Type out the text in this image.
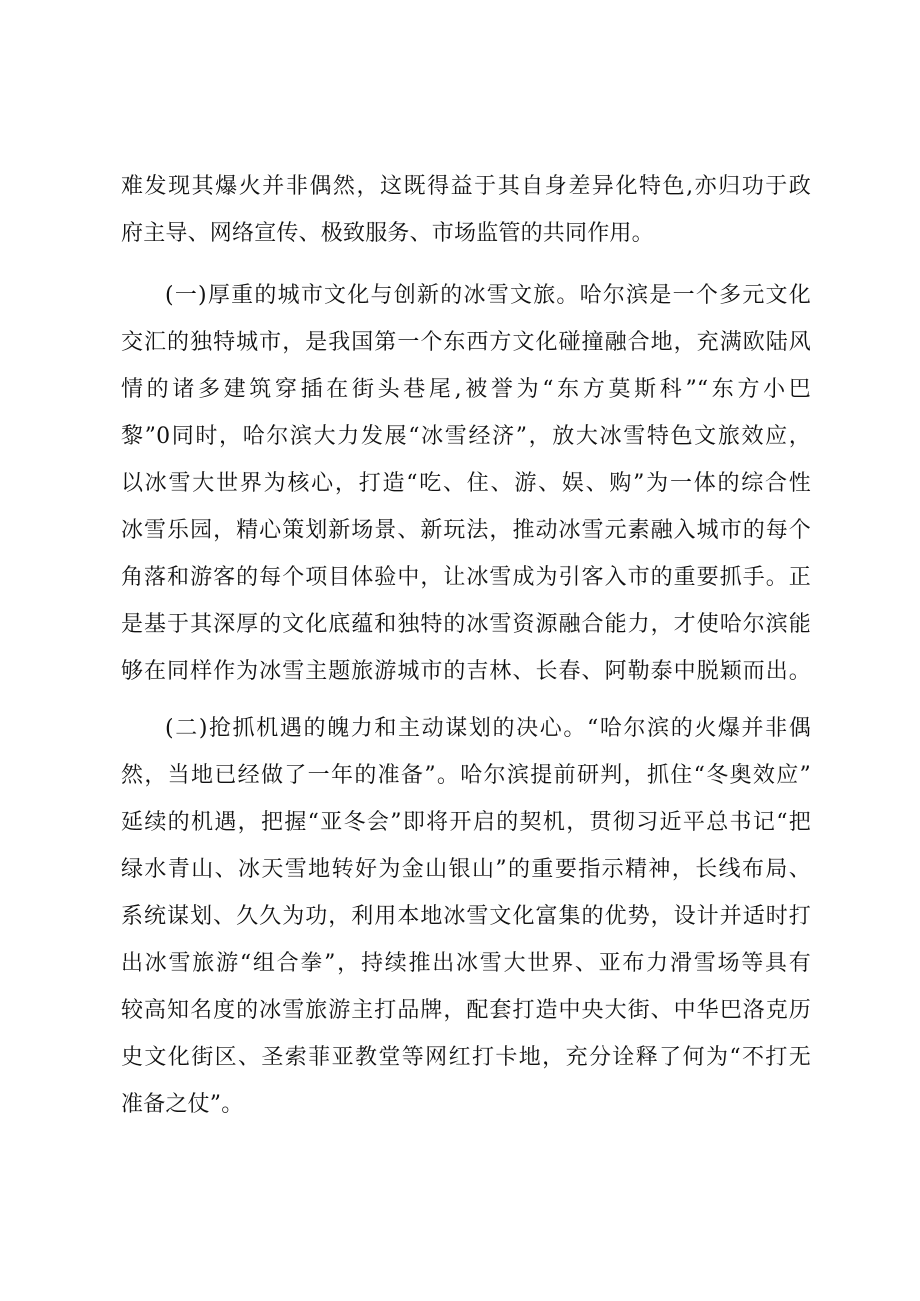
难发现其爆火并非偶然，这既得益于其自身差异化特色,亦归功于政
府主导、网络宣传、极致服务、市场监管的共同作用。
(一)厚重的城市文化与创新的冰雪文旅。哈尔滨是一个多元文化
交汇的独特城市，是我国第一个东西方文化碰撞融合地，充满欧陆风
情的诸多建筑穿插在街头巷尾,被誉为“东方莫斯科”“东方小巴
黎”0同时，哈尔滨大力发展“冰雪经济”，放大冰雪特色文旅效应，
以冰雪大世界为核心，打造“吃、住、游、娱、购”为一体的综合性
冰雪乐园，精心策划新场景、新玩法，推动冰雪元素融入城市的每个
角落和游客的每个项目体验中，让冰雪成为引客入市的重要抓手。正
是基于其深厚的文化底蕴和独特的冰雪资源融合能力，才使哈尔滨能
够在同样作为冰雪主题旅游城市的吉林、长春、阿勒泰中脱颖而出。
(二)抢抓机遇的魄力和主动谋划的决心。“哈尔滨的火爆并非偶
然，当地已经做了一年的准备”。哈尔滨提前研判，抓住“冬奥效应”
延续的机遇，把握“亚冬会”即将开启的契机，贯彻习近平总书记“把
绿水青山、冰天雪地转好为金山银山”的重要指示精神，长线布局、
系统谋划、久久为功，利用本地冰雪文化富集的优势，设计并适时打
出冰雪旅游“组合拳”，持续推出冰雪大世界、亚布力滑雪场等具有
较高知名度的冰雪旅游主打品牌，配套打造中央大街、中华巴洛克历
史文化街区、圣索菲亚教堂等网红打卡地，充分诠释了何为“不打无
准备之仗”。
